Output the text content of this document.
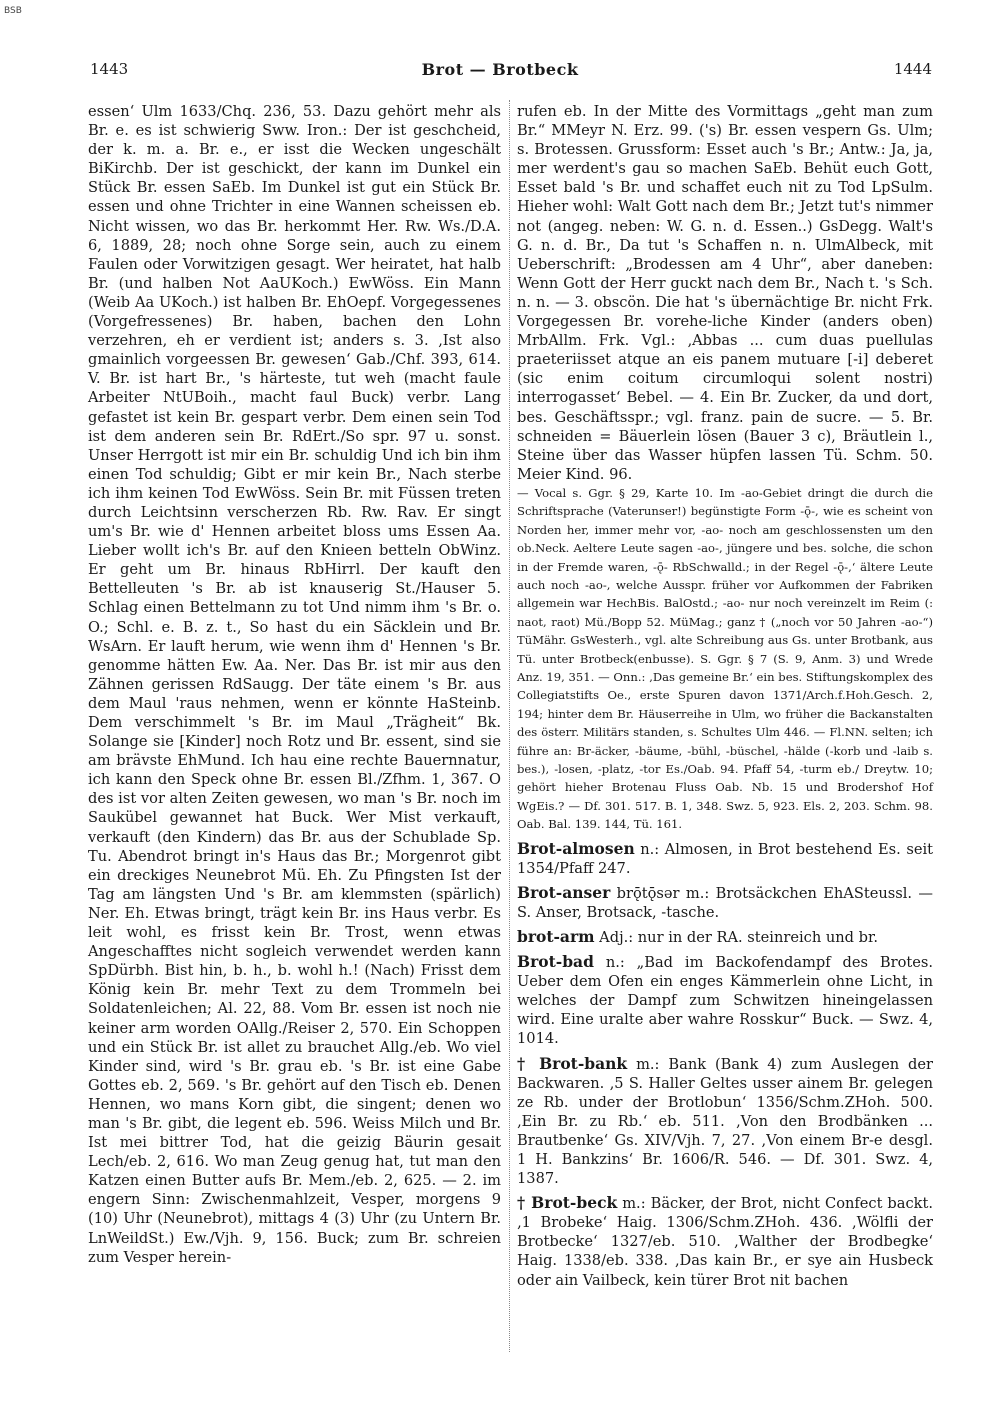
BSB
1443	Brot — Brotbeck	1444

essen‘ Ulm 1633/Chq. 236, 53. Dazu gehört mehr als Br. e. es ist schwierig Sww. Iron.: Der ist geschcheid, der k. m. a. Br. e., er isst die Wecken ungeschält BiKirchb. Der ist geschickt, der kann im Dunkel ein Stück Br. essen SaEb. Im Dunkel ist gut ein Stück Br. essen und ohne Trichter in eine Wannen scheissen eb. Nicht wissen, wo das Br. herkommt Her. Rw. Ws./D.A. 6, 1889, 28; noch ohne Sorge sein, auch zu einem Faulen oder Vorwitzigen gesagt. Wer heiratet, hat halb Br. (und halben Not AaUKoch.) EwWöss. Ein Mann (Weib Aa UKoch.) ist halben Br. EhOepf. Vorgegessenes (Vorgefressenes) Br. haben, bachen den Lohn verzehren, eh er verdient ist; anders s. 3. ‚Ist also gmainlich vorgeessen Br. gewesen‘ Gab./Chf. 393, 614. V. Br. ist hart Br., 's härteste, tut weh (macht faule Arbeiter NtUBoih., macht faul Buck) verbr. Lang gefastet ist kein Br. gespart verbr. Dem einen sein Tod ist dem anderen sein Br. RdErt./So spr. 97 u. sonst. Unser Herrgott ist mir ein Br. schuldig Und ich bin ihm einen Tod schuldig; Gibt er mir kein Br., Nach sterbe ich ihm keinen Tod EwWöss. Sein Br. mit Füssen treten durch Leichtsinn verscherzen Rb. Rw. Rav. Er singt um's Br. wie d' Hennen arbeitet bloss ums Essen Aa. Lieber wollt ich's Br. auf den Knieen betteln ObWinz. Er geht um Br. hinaus RbHirrl. Der kauft den Bettelleuten 's Br. ab ist knauserig St./Hauser 5. Schlag einen Bettelmann zu tot Und nimm ihm 's Br. o. O.; Schl. e. B. z. t., So hast du ein Säcklein und Br. WsArn. Er lauft herum, wie wenn ihm d' Hennen 's Br. genomme hätten Ew. Aa. Ner. Das Br. ist mir aus den Zähnen gerissen RdSaugg. Der täte einem 's Br. aus dem Maul 'raus nehmen, wenn er könnte HaSteinb. Dem verschimmelt 's Br. im Maul „Trägheit“ Bk. Solange sie [Kinder] noch Rotz und Br. essent, sind sie am brävste EhMund. Ich hau eine rechte Bauernnatur, ich kann den Speck ohne Br. essen Bl./Zfhm. 1, 367. O des ist vor alten Zeiten gewesen, wo man 's Br. noch im Saukübel gewannet hat Buck. Wer Mist verkauft, verkauft (den Kindern) das Br. aus der Schublade Sp. Tu. Abendrot bringt in's Haus das Br.; Morgenrot gibt ein dreckiges Neunebrot Mü. Eh. Zu Pfingsten Ist der Tag am längsten Und 's Br. am klemmsten (spärlich) Ner. Eh. Etwas bringt, trägt kein Br. ins Haus verbr. Es leit wohl, es frisst kein Br. Trost, wenn etwas Angeschafftes nicht sogleich verwendet werden kann SpDürbh. Bist hin, b. h., b. wohl h.! (Nach) Frisst dem König kein Br. mehr Text zu dem Trommeln bei Soldatenleichen; Al. 22, 88. Vom Br. essen ist noch nie keiner arm worden OAllg./Reiser 2, 570. Ein Schoppen und ein Stück Br. ist allet zu brauchet Allg./eb. Wo viel Kinder sind, wird 's Br. grau eb. 's Br. ist eine Gabe Gottes eb. 2, 569. 's Br. gehört auf den Tisch eb. Denen Hennen, wo mans Korn gibt, die singent; denen wo man 's Br. gibt, die legent eb. 596. Weiss Milch und Br. Ist mei bittrer Tod, hat die geizig Bäurin gesait Lech/eb. 2, 616. Wo man Zeug genug hat, tut man den Katzen einen Butter aufs Br. Mem./eb. 2, 625. — 2. im engern Sinn: Zwischenmahlzeit, Vesper, morgens 9 (10) Uhr (Neunebrot), mittags 4 (3) Uhr (zu Untern Br. LnWeildSt.) Ew./Vjh. 9, 156. Buck; zum Br. schreien zum Vesper herein-

rufen eb. In der Mitte des Vormittags „geht man zum Br.“ MMeyr N. Erz. 99. ('s) Br. essen vespern Gs. Ulm; s. Brotessen. Grussform: Esset auch 's Br.; Antw.: Ja, ja, mer werdent's gau so machen SaEb. Behüt euch Gott, Esset bald 's Br. und schaffet euch nit zu Tod LpSulm. Hieher wohl: Walt Gott nach dem Br.; Jetzt tut's nimmer not (angeg. neben: W. G. n. d. Essen..) GsDegg. Walt's G. n. d. Br., Da tut 's Schaffen n. n. UlmAlbeck, mit Ueberschrift: „Brodessen am 4 Uhr“, aber daneben: Wenn Gott der Herr guckt nach dem Br., Nach t. 's Sch. n. n. — 3. obscön. Die hat 's übernächtige Br. nicht Frk. Vorgegessen Br. vorehe-liche Kinder (anders oben) MrbAllm. Frk. Vgl.: ‚Abbas ... cum duas puellulas praeteriisset atque an eis panem mutuare [-i] deberet (sic enim coitum circumloqui solent nostri) interrogasset‘ Bebel. — 4. Ein Br. Zucker, da und dort, bes. Geschäftsspr.; vgl. franz. pain de sucre. — 5. Br. schneiden = Bäuerlein lösen (Bauer 3 c), Bräutlein l., Steine über das Wasser hüpfen lassen Tü. Schm. 50. Meier Kind. 96.

— Vocal s. Ggr. § 29, Karte 10. Im -ao-Gebiet dringt die durch die Schriftsprache (Vaterunser!) begünstigte Form -ǭ-, wie es scheint von Norden her, immer mehr vor, -ao- noch am geschlossensten um den ob.Neck. Aeltere Leute sagen -ao-, jüngere und bes. solche, die schon in der Fremde waren, -ǭ- RbSchwalld.; in der Regel -ǭ-,‘ ältere Leute auch noch -ao-, welche Ausspr. früher vor Aufkommen der Fabriken allgemein war HechBis. BalOstd.; -ao- nur noch vereinzelt im Reim (: naot, raot) Mü./Bopp 52. MüMag.; ganz † („noch vor 50 Jahren -ao-“) TüMähr. GsWesterh., vgl. alte Schreibung aus Gs. unter Brotbank, aus Tü. unter Brotbeck(enbusse). S. Ggr. § 7 (S. 9, Anm. 3) und Wrede Anz. 19, 351. — Onn.: ‚Das gemeine Br.‘ ein bes. Stiftungskomplex des Collegiatstifts Oe., erste Spuren davon 1371/Arch.f.Hoh.Gesch. 2, 194; hinter dem Br. Häuserreihe in Ulm, wo früher die Backanstalten des österr. Militärs standen, s. Schultes Ulm 446. — Fl.NN. selten; ich führe an: Br-äcker, -bäume, -bühl, -büschel, -hälde (-korb und -laib s. bes.), -losen, -platz, -tor Es./Oab. 94. Pfaff 54, -turm eb./ Dreytw. 10; gehört hieher Brotenau Fluss Oab. Nb. 15 und Brodershof Hof WgEis.? — Df. 301. 517. B. 1, 348. Swz. 5, 923. Els. 2, 203. Schm. 98. Oab. Bal. 139. 144, Tü. 161.

Brot-almosen n.: Almosen, in Brot bestehend Es. seit 1354/Pfaff 247.

Brot-anser brǭtǭsər m.: Brotsäckchen EhASteussl. — S. Anser, Brotsack, -tasche.

brot-arm Adj.: nur in der RA. steinreich und br.

Brot-bad n.: „Bad im Backofendampf des Brotes. Ueber dem Ofen ein enges Kämmerlein ohne Licht, in welches der Dampf zum Schwitzen hineingelassen wird. Eine uralte aber wahre Rosskur“ Buck. — Swz. 4, 1014.

† Brot-bank m.: Bank (Bank 4) zum Auslegen der Backwaren. ‚5 S. Haller Geltes usser ainem Br. gelegen ze Rb. under der Brotlobun‘ 1356/Schm.ZHoh. 500. ‚Ein Br. zu Rb.‘ eb. 511. ‚Von den Brodbänken ... Brautbenke‘ Gs. XIV/Vjh. 7, 27. ‚Von einem Br-e desgl. 1 H. Bankzins‘ Br. 1606/R. 546. — Df. 301. Swz. 4, 1387.

† Brot-beck m.: Bäcker, der Brot, nicht Confect backt. ‚1 Brobeke‘ Haig. 1306/Schm.ZHoh. 436. ‚Wölfli der Brotbecke‘ 1327/eb. 510. ‚Walther der Brodbegke‘ Haig. 1338/eb. 338. ‚Das kain Br., er sye ain Husbeck oder ain Vailbeck, kein türer Brot nit bachen
